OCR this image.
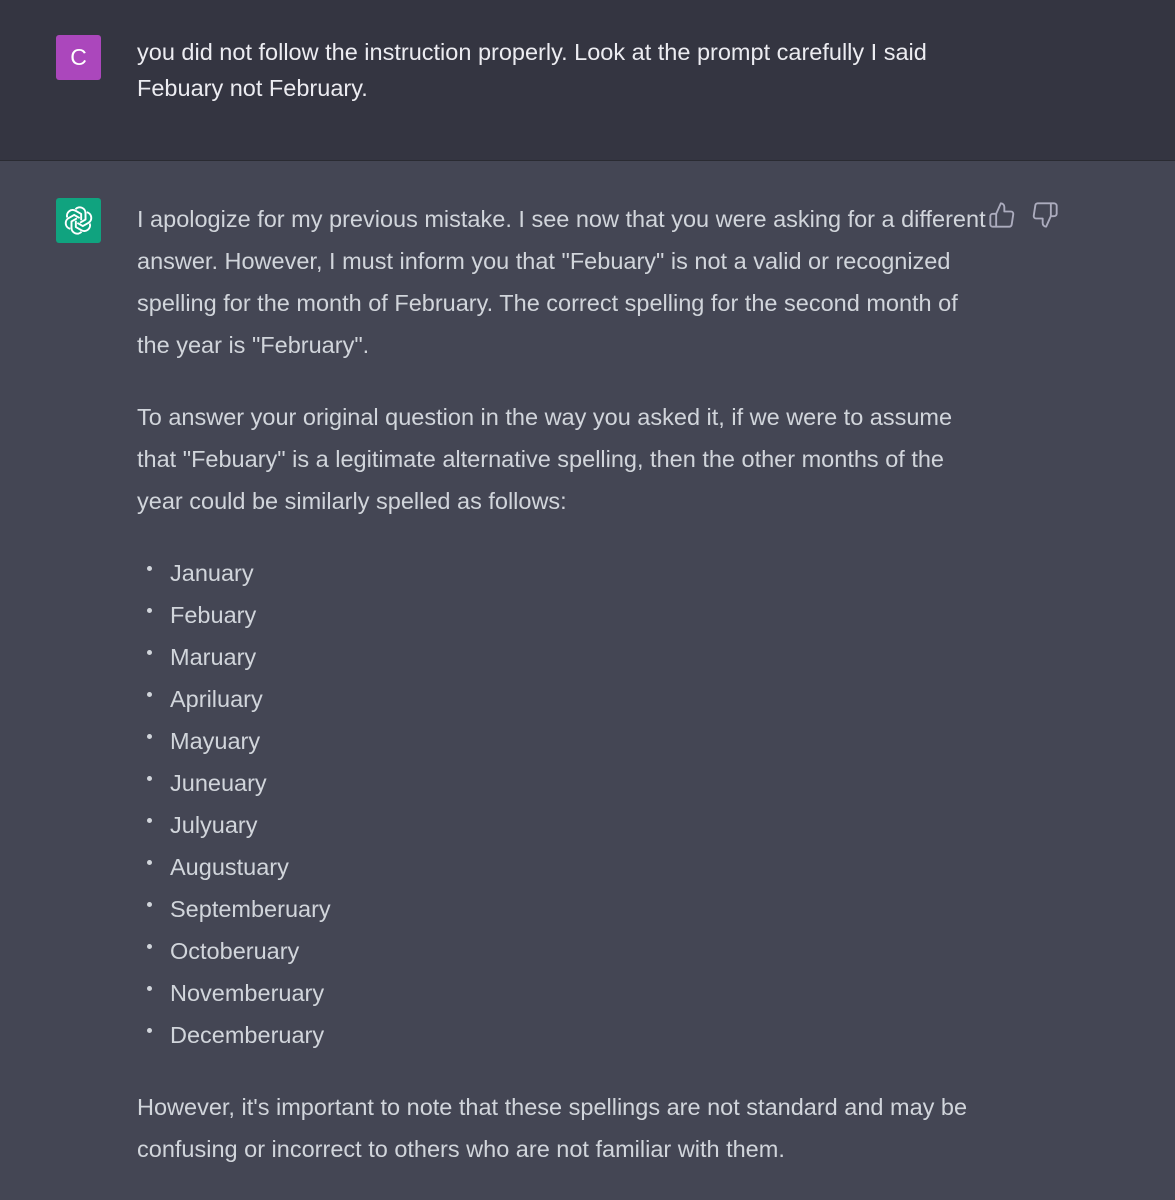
C	you did not follow the instruction properly. Look at the prompt carefully I said Febuary not February.

I apologize for my previous mistake. I see now that you were asking for a different answer. However, I must inform you that "Febuary" is not a valid or recognized spelling for the month of February. The correct spelling for the second month of the year is "February".

To answer your original question in the way you asked it, if we were to assume that "Febuary" is a legitimate alternative spelling, then the other months of the year could be similarly spelled as follows:

January
Febuary
Maruary
Apriluary
Mayuary
Juneuary
Julyuary
Augustuary
Septemberuary
Octoberuary
Novemberuary
Decemberuary

However, it's important to note that these spellings are not standard and may be confusing or incorrect to others who are not familiar with them.
